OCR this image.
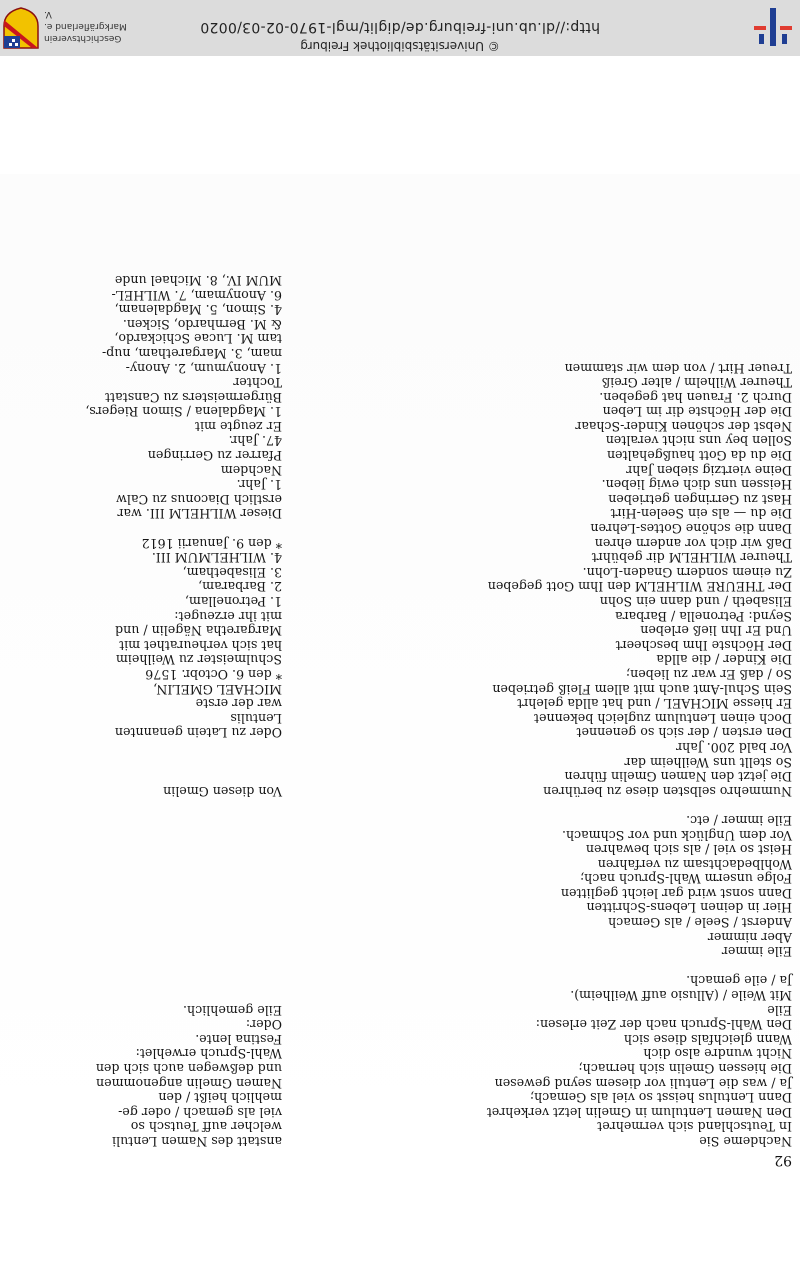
92
Nachdeme Sie
In Teutschland sich vermehret
Den Namen Lentulum in Gmelin letzt verkehret
Dann Lentulus heisst so viel als Gemach;
Ja / was die Lentuli vor diesem seynd gewesen
Die hiessen Gmelin sich hernach;
Nicht wundre also dich
Wann gleichfals diese sich
Den Wahl-Spruch nach der Zeit erlesen:
Eile
Mit Weile / (Allusio auff Weilheim).
Ja / eile gemach.
Eile immer
Aber nimmer
Anderst / Seele / als Gemach
Hier in deinen Lebens-Schritten
Dann sonst wird gar leicht geglitten
Folge unserm Wahl-Spruch nach;
Wohlbedachtsam zu verfahren
Heist so viel / als sich bewahren
Vor dem Unglück und vor Schmach.
Eile immer / etc.
Nummehro selbsten diese zu berühren
Die jetzt den Namen Gmelin führen
So stellt uns Weilheim dar
Vor bald 200. Jahr
Den ersten / der sich so genennet
Doch einen Lentulum zugleich bekennet
Er hiesse MICHAEL / und hat allda gelehrt
Sein Schul-Amt auch mit allem Fleiß getrieben
So / daß Er war zu lieben;
Die Kinder / die allda
Der Höchste Ihm bescheert
Und Er Ihn ließ erleben
Seynd: Petronella / Barbara
Elisabeth / und dann ein Sohn
Der THEURE WILHELM den Ihm Gott gegeben
Zu einem sondern Gnaden-Lohn.
Theurer WILHELM dir gebührt
Daß wir dich vor andern ehren
Dann die schöne Gottes-Lehren
Die du — als ein Seelen-Hirt
Hast zu Gerringen getrieben
Heissen uns dich ewig lieben.
Deine viertzig sieben Jahr
Die du da Gott haußgehalten
Sollen bey uns nicht veralten
Nebst der schönen Kinder-Schaar
Die der Höchste dir im Leben
Durch 2. Frauen hat gegeben.
Theurer Wilhelm / alter Greiß
Treuer Hirt / von dem wir stammen
anstatt des Namen Lentuli
welcher auff Teutsch so
viel als gemach / oder ge-
mehlich heißt / den
Namen Gmelin angenommen
und deßwegen auch sich den
Wahl-Spruch erwehlet:
Festina lente.
Oder:
Eile gemehlich.
Von diesen Gmelin
Oder zu Latein genannten
Lentulis
war der erste
MICHAEL GMELIN,
* den 6. Octobr. 1576
Schulmeister zu Weilheim
hat sich verheurathet mit
Margaretha Nägelin / und
mit ihr erzeuget:
1. Petronellam,
2. Barbaram,
3. Elisabetham,
4. WILHELMUM III.
* den 9. Januarii 1612
Dieser WILHELM III. war
erstlich Diaconus zu Calw
1. Jahr.
Nachdem
Pfarrer zu Gerringen
47. Jahr.
Er zeugte mit
1. Magdalena / Simon Riegers,
Bürgermeisters zu Canstatt
Tochter
1. Anonymum, 2. Anony-
mam, 3. Margaretham, nup-
tam M. Lucae Schickardo,
& M. Bernhardo, Sicken.
4. Simon, 5. Magdalenam,
6. Anonymam, 7. WILHEL-
MUM IV., 8. Michael unde
© Universitätsbibliothek Freiburg
http://dl.ub.uni-freiburg.de/diglit/mgl-1970-02-03/0020
Geschichtsverein
Markgräflerland e. V.
